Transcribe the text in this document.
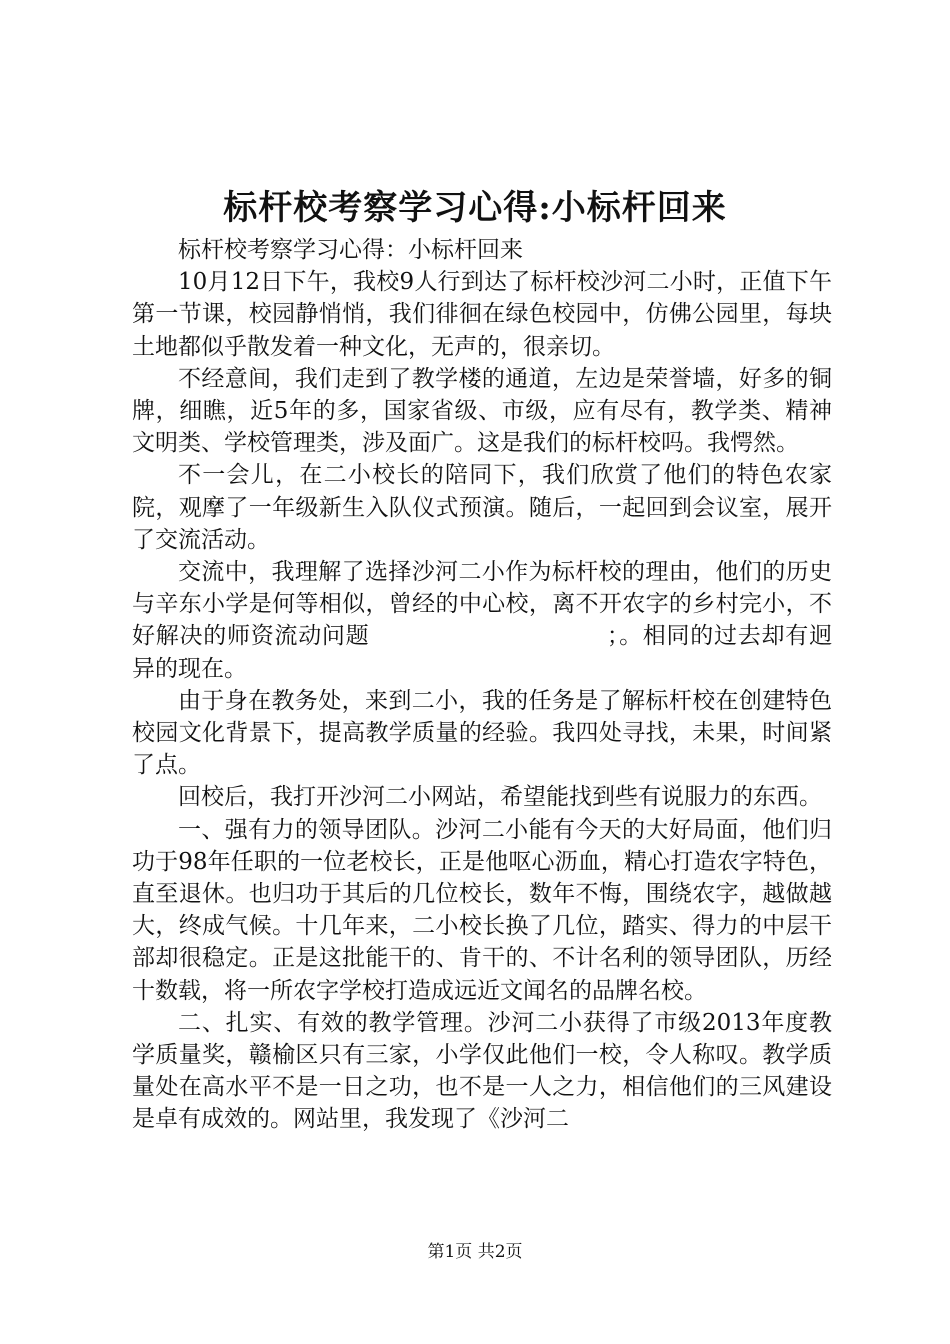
标杆校考察学习心得:小标杆回来

标杆校考察学习心得：小标杆回来

10月12日下午，我校9人行到达了标杆校沙河二小时，正值下午第一节课，校园静悄悄，我们徘徊在绿色校园中，仿佛公园里，每块土地都似乎散发着一种文化，无声的，很亲切。

不经意间，我们走到了教学楼的通道，左边是荣誉墙，好多的铜牌，细瞧，近5年的多，国家省级、市级，应有尽有，教学类、精神文明类、学校管理类，涉及面广。这是我们的标杆校吗。我愕然。

不一会儿，在二小校长的陪同下，我们欣赏了他们的特色农家院，观摩了一年级新生入队仪式预演。随后，一起回到会议室，展开了交流活动。

交流中，我理解了选择沙河二小作为标杆校的理由，他们的历史与辛东小学是何等相似，曾经的中心校，离不开农字的乡村完小，不好解决的师资流动问题　　　　　　　　　　；。相同的过去却有迥异的现在。

由于身在教务处，来到二小，我的任务是了解标杆校在创建特色校园文化背景下，提高教学质量的经验。我四处寻找，未果，时间紧了点。

回校后，我打开沙河二小网站，希望能找到些有说服力的东西。

一、强有力的领导团队。沙河二小能有今天的大好局面，他们归功于98年任职的一位老校长，正是他呕心沥血，精心打造农字特色，直至退休。也归功于其后的几位校长，数年不悔，围绕农字，越做越大，终成气候。十几年来，二小校长换了几位，踏实、得力的中层干部却很稳定。正是这批能干的、肯干的、不计名利的领导团队，历经十数载，将一所农字学校打造成远近文闻名的品牌名校。

二、扎实、有效的教学管理。沙河二小获得了市级2013年度教学质量奖，赣榆区只有三家，小学仅此他们一校，令人称叹。教学质量处在高水平不是一日之功，也不是一人之力，相信他们的三风建设是卓有成效的。网站里，我发现了《沙河二

第1页 共2页
